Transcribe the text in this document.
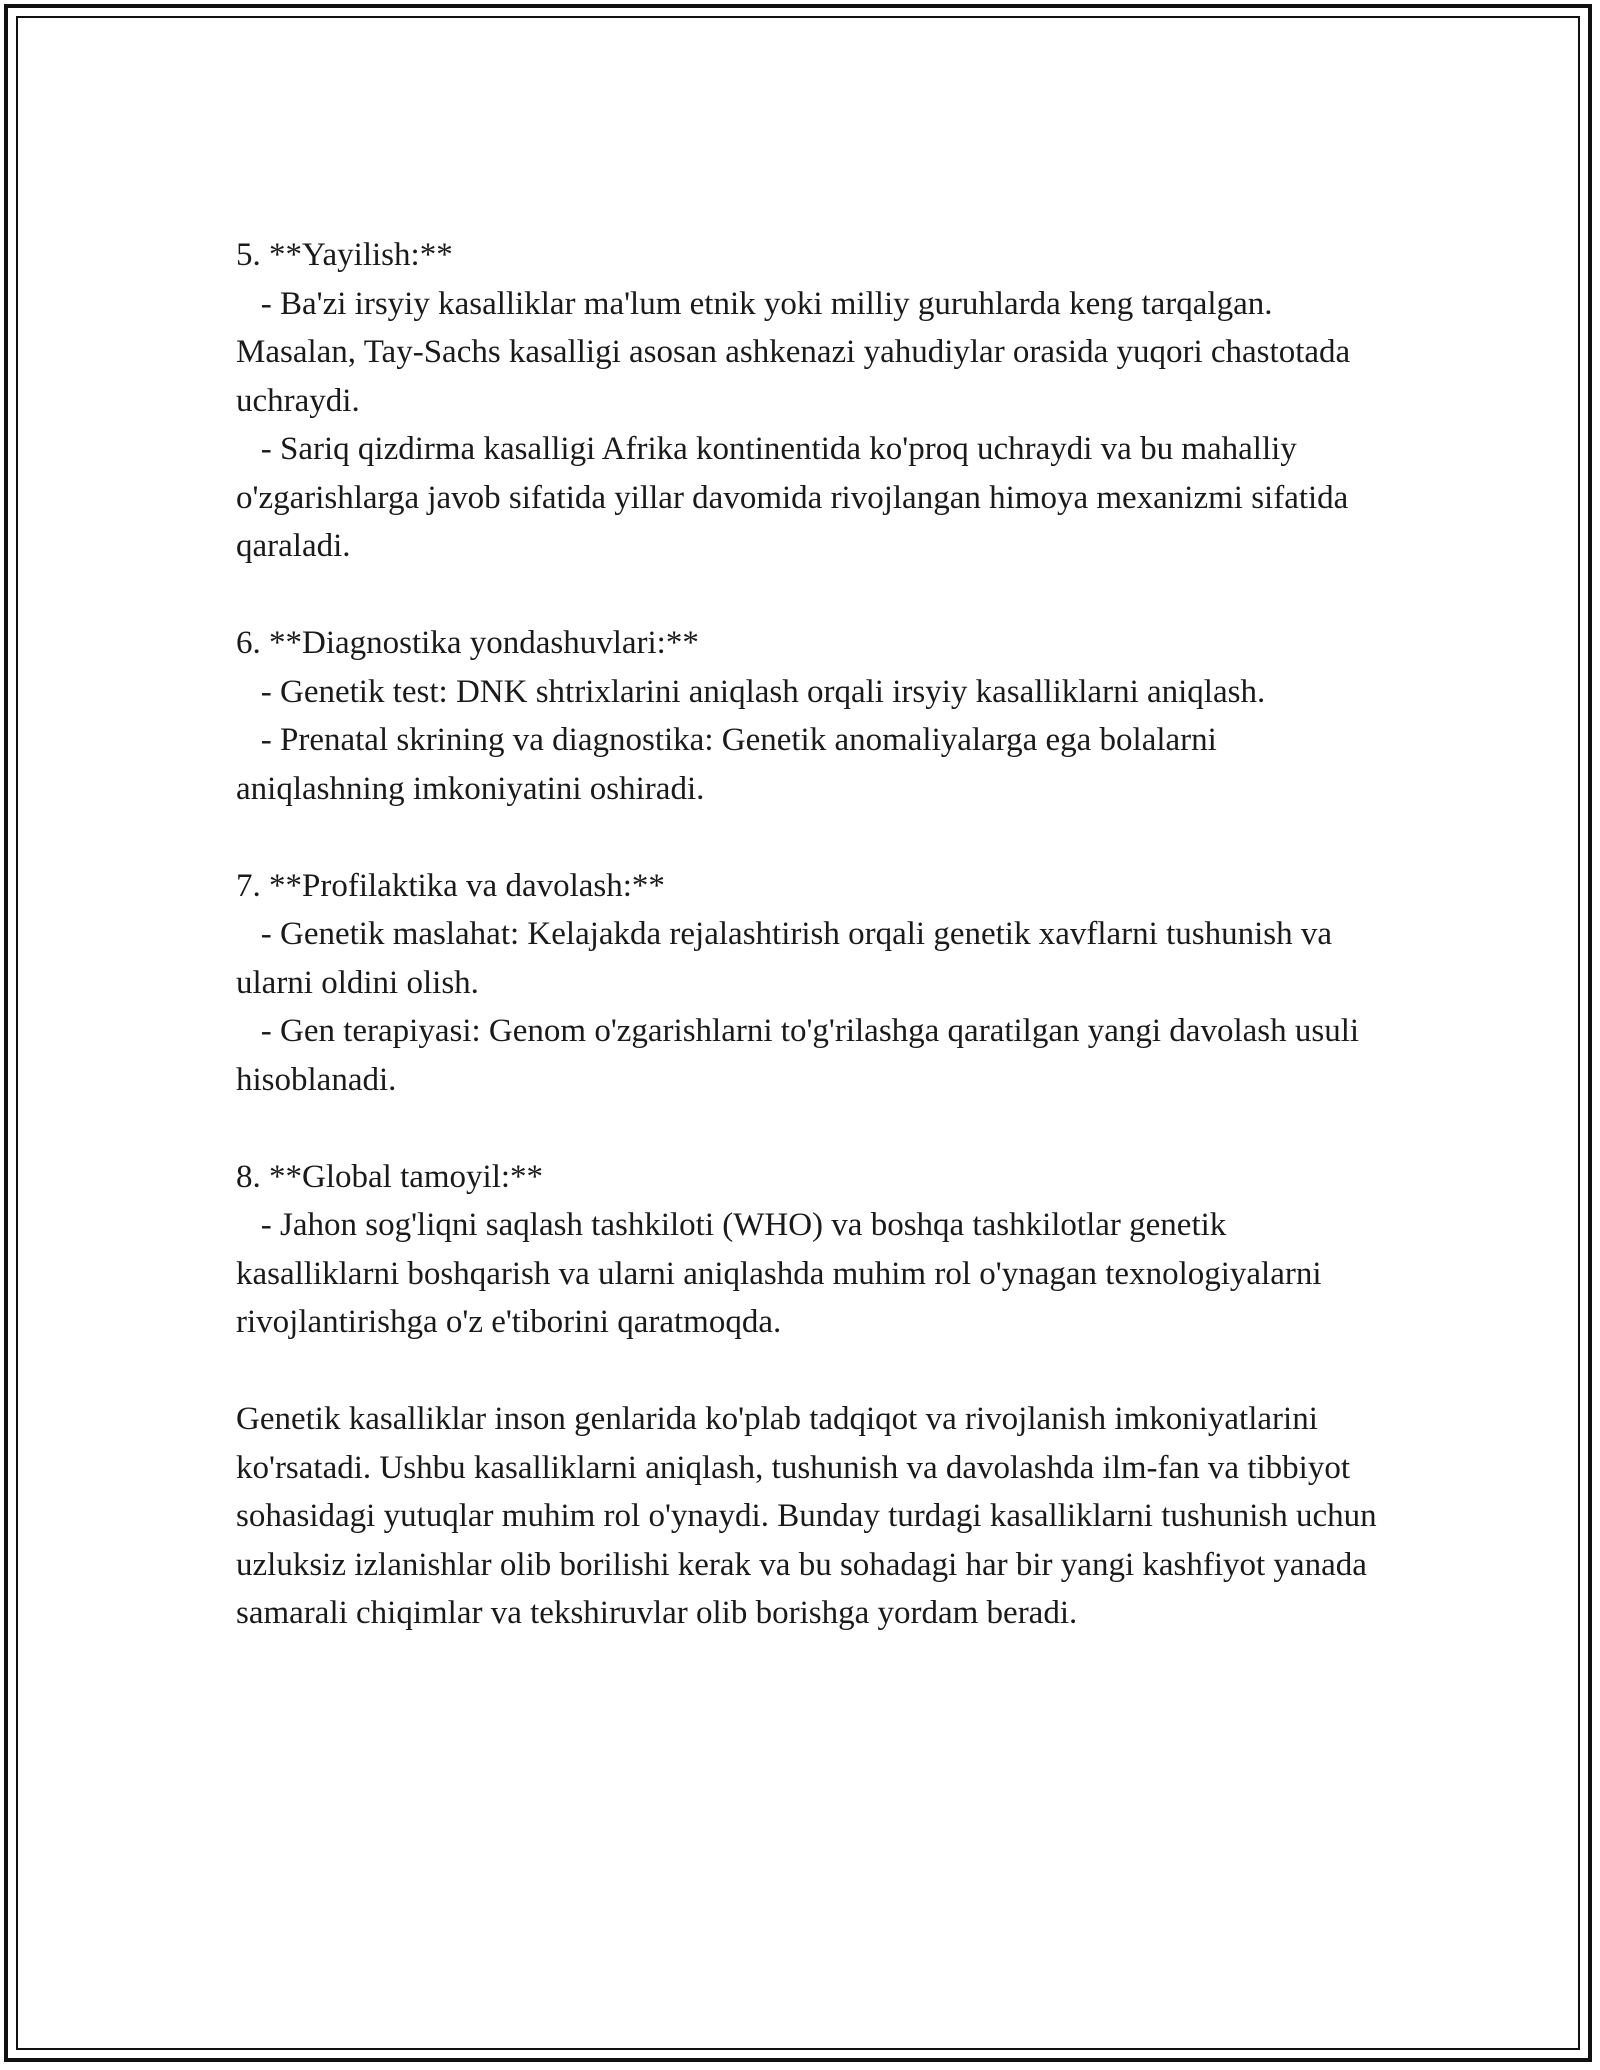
5. **Yayilish:**

- Ba'zi irsyiy kasalliklar ma'lum etnik yoki milliy guruhlarda keng tarqalgan. Masalan, Tay-Sachs kasalligi asosan ashkenazi yahudiylar orasida yuqori chastotada uchraydi.

- Sariq qizdirma kasalligi Afrika kontinentida ko'proq uchraydi va bu mahalliy o'zgarishlarga javob sifatida yillar davomida rivojlangan himoya mexanizmi sifatida qaraladi.

6. **Diagnostika yondashuvlari:**

- Genetik test: DNK shtrixlarini aniqlash orqali irsyiy kasalliklarni aniqlash.

- Prenatal skrining va diagnostika: Genetik anomaliyalarga ega bolalarni aniqlashning imkoniyatini oshiradi.

7. **Profilaktika va davolash:**

- Genetik maslahat: Kelajakda rejalashtirish orqali genetik xavflarni tushunish va ularni oldini olish.

- Gen terapiyasi: Genom o'zgarishlarni to'g'rilashga qaratilgan yangi davolash usuli hisoblanadi.

8. **Global tamoyil:**

- Jahon sog'liqni saqlash tashkiloti (WHO) va boshqa tashkilotlar genetik kasalliklarni boshqarish va ularni aniqlashda muhim rol o'ynagan texnologiyalarni rivojlantirishga o'z e'tiborini qaratmoqda.

Genetik kasalliklar inson genlarida ko'plab tadqiqot va rivojlanish imkoniyatlarini ko'rsatadi. Ushbu kasalliklarni aniqlash, tushunish va davolashda ilm-fan va tibbiyot sohasidagi yutuqlar muhim rol o'ynaydi. Bunday turdagi kasalliklarni tushunish uchun uzluksiz izlanishlar olib borilishi kerak va bu sohadagi har bir yangi kashfiyot yanada samarali chiqimlar va tekshiruvlar olib borishga yordam beradi.
